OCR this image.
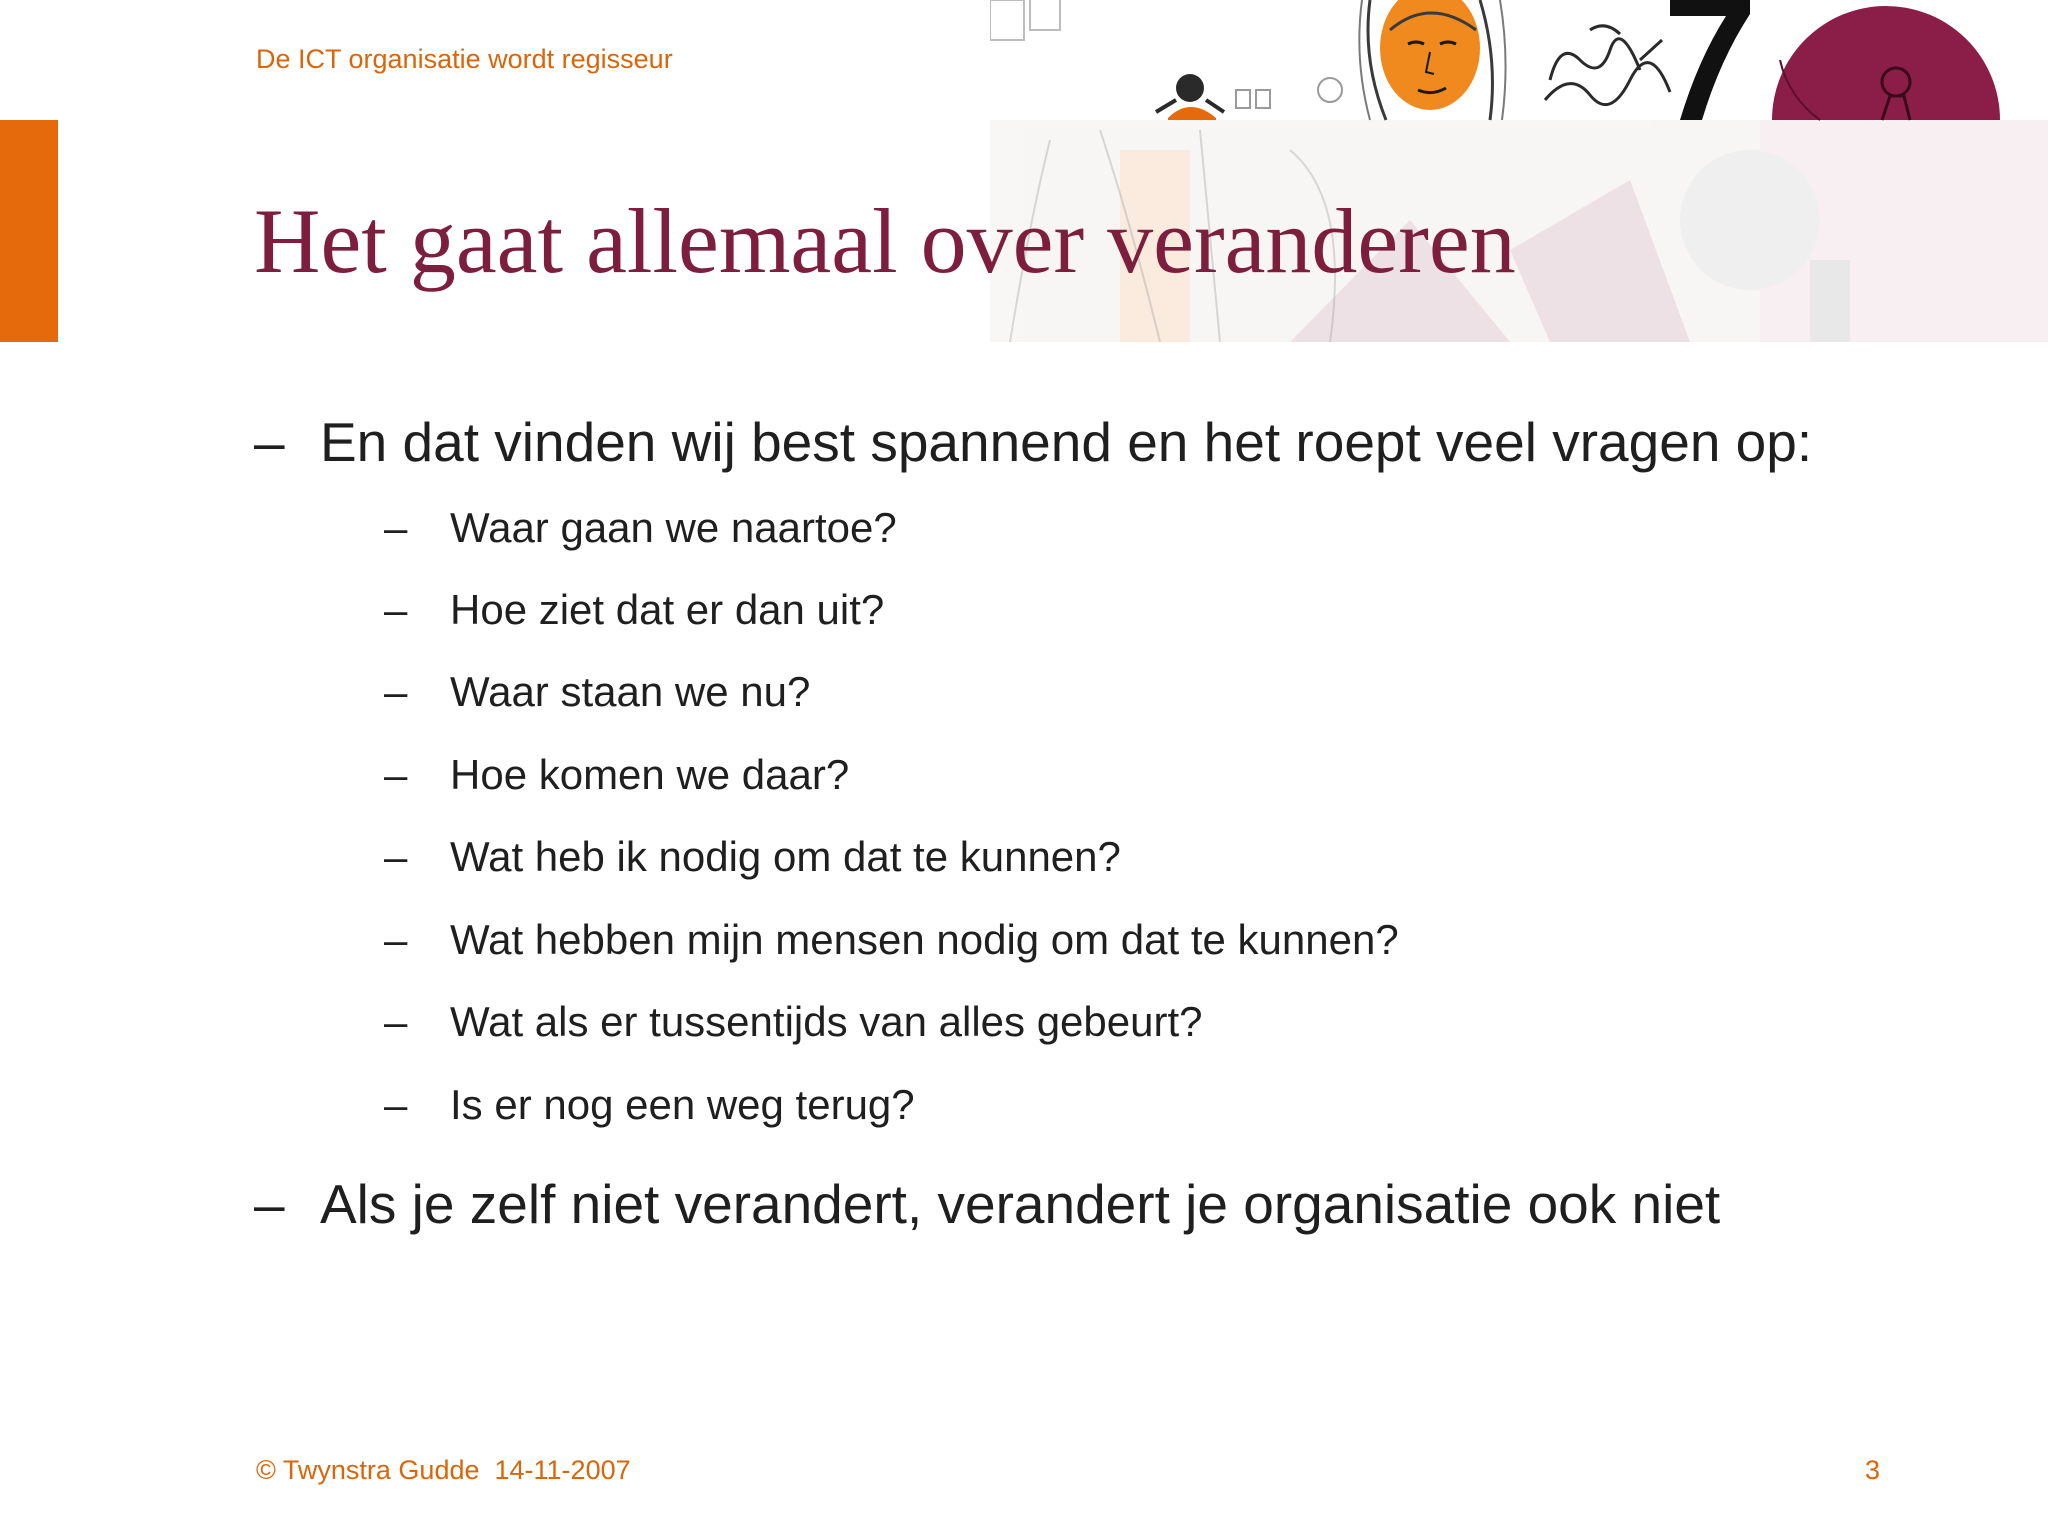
De ICT organisatie wordt regisseur
Het gaat allemaal over veranderen
– En dat vinden wij best spannend en het roept veel vragen op:
– Waar gaan we naartoe?
– Hoe ziet dat er dan uit?
– Waar staan we nu?
– Hoe komen we daar?
– Wat heb ik nodig om dat te kunnen?
– Wat hebben mijn mensen nodig om dat te kunnen?
– Wat als er tussentijds van alles gebeurt?
– Is er nog een weg terug?
– Als je zelf niet verandert, verandert je organisatie ook niet
© Twynstra Gudde  14-11-2007	3
